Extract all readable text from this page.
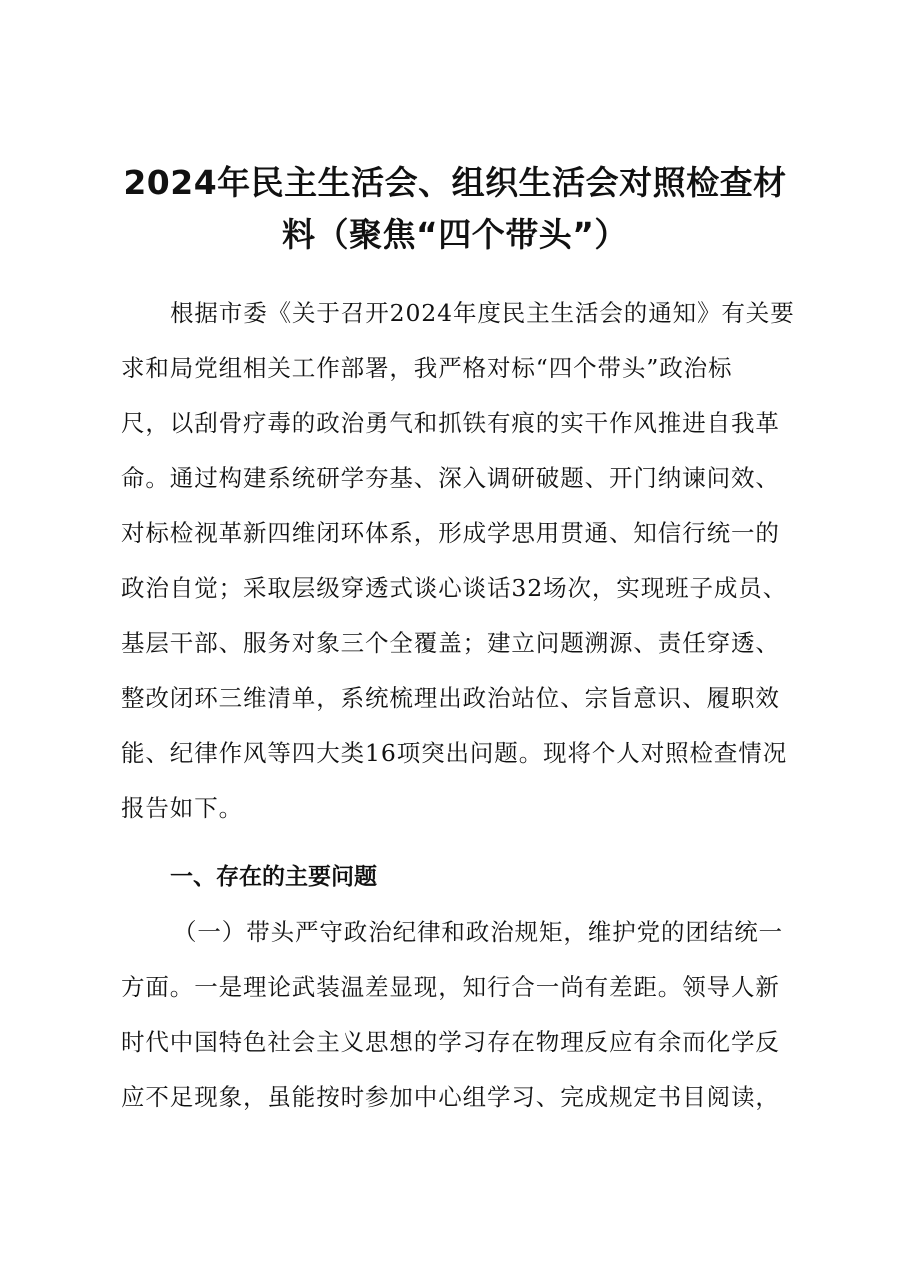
2024年民主生活会、组织生活会对照检查材
料（聚焦“四个带头”）
根据市委《关于召开2024年度民主生活会的通知》有关要
求和局党组相关工作部署，我严格对标“四个带头”政治标
尺，以刮骨疗毒的政治勇气和抓铁有痕的实干作风推进自我革
命。通过构建系统研学夯基、深入调研破题、开门纳谏问效、
对标检视革新四维闭环体系，形成学思用贯通、知信行统一的
政治自觉；采取层级穿透式谈心谈话32场次，实现班子成员、
基层干部、服务对象三个全覆盖；建立问题溯源、责任穿透、
整改闭环三维清单，系统梳理出政治站位、宗旨意识、履职效
能、纪律作风等四大类16项突出问题。现将个人对照检查情况
报告如下。
一、存在的主要问题
（一）带头严守政治纪律和政治规矩，维护党的团结统一
方面。一是理论武装温差显现，知行合一尚有差距。领导人新
时代中国特色社会主义思想的学习存在物理反应有余而化学反
应不足现象，虽能按时参加中心组学习、完成规定书目阅读，
